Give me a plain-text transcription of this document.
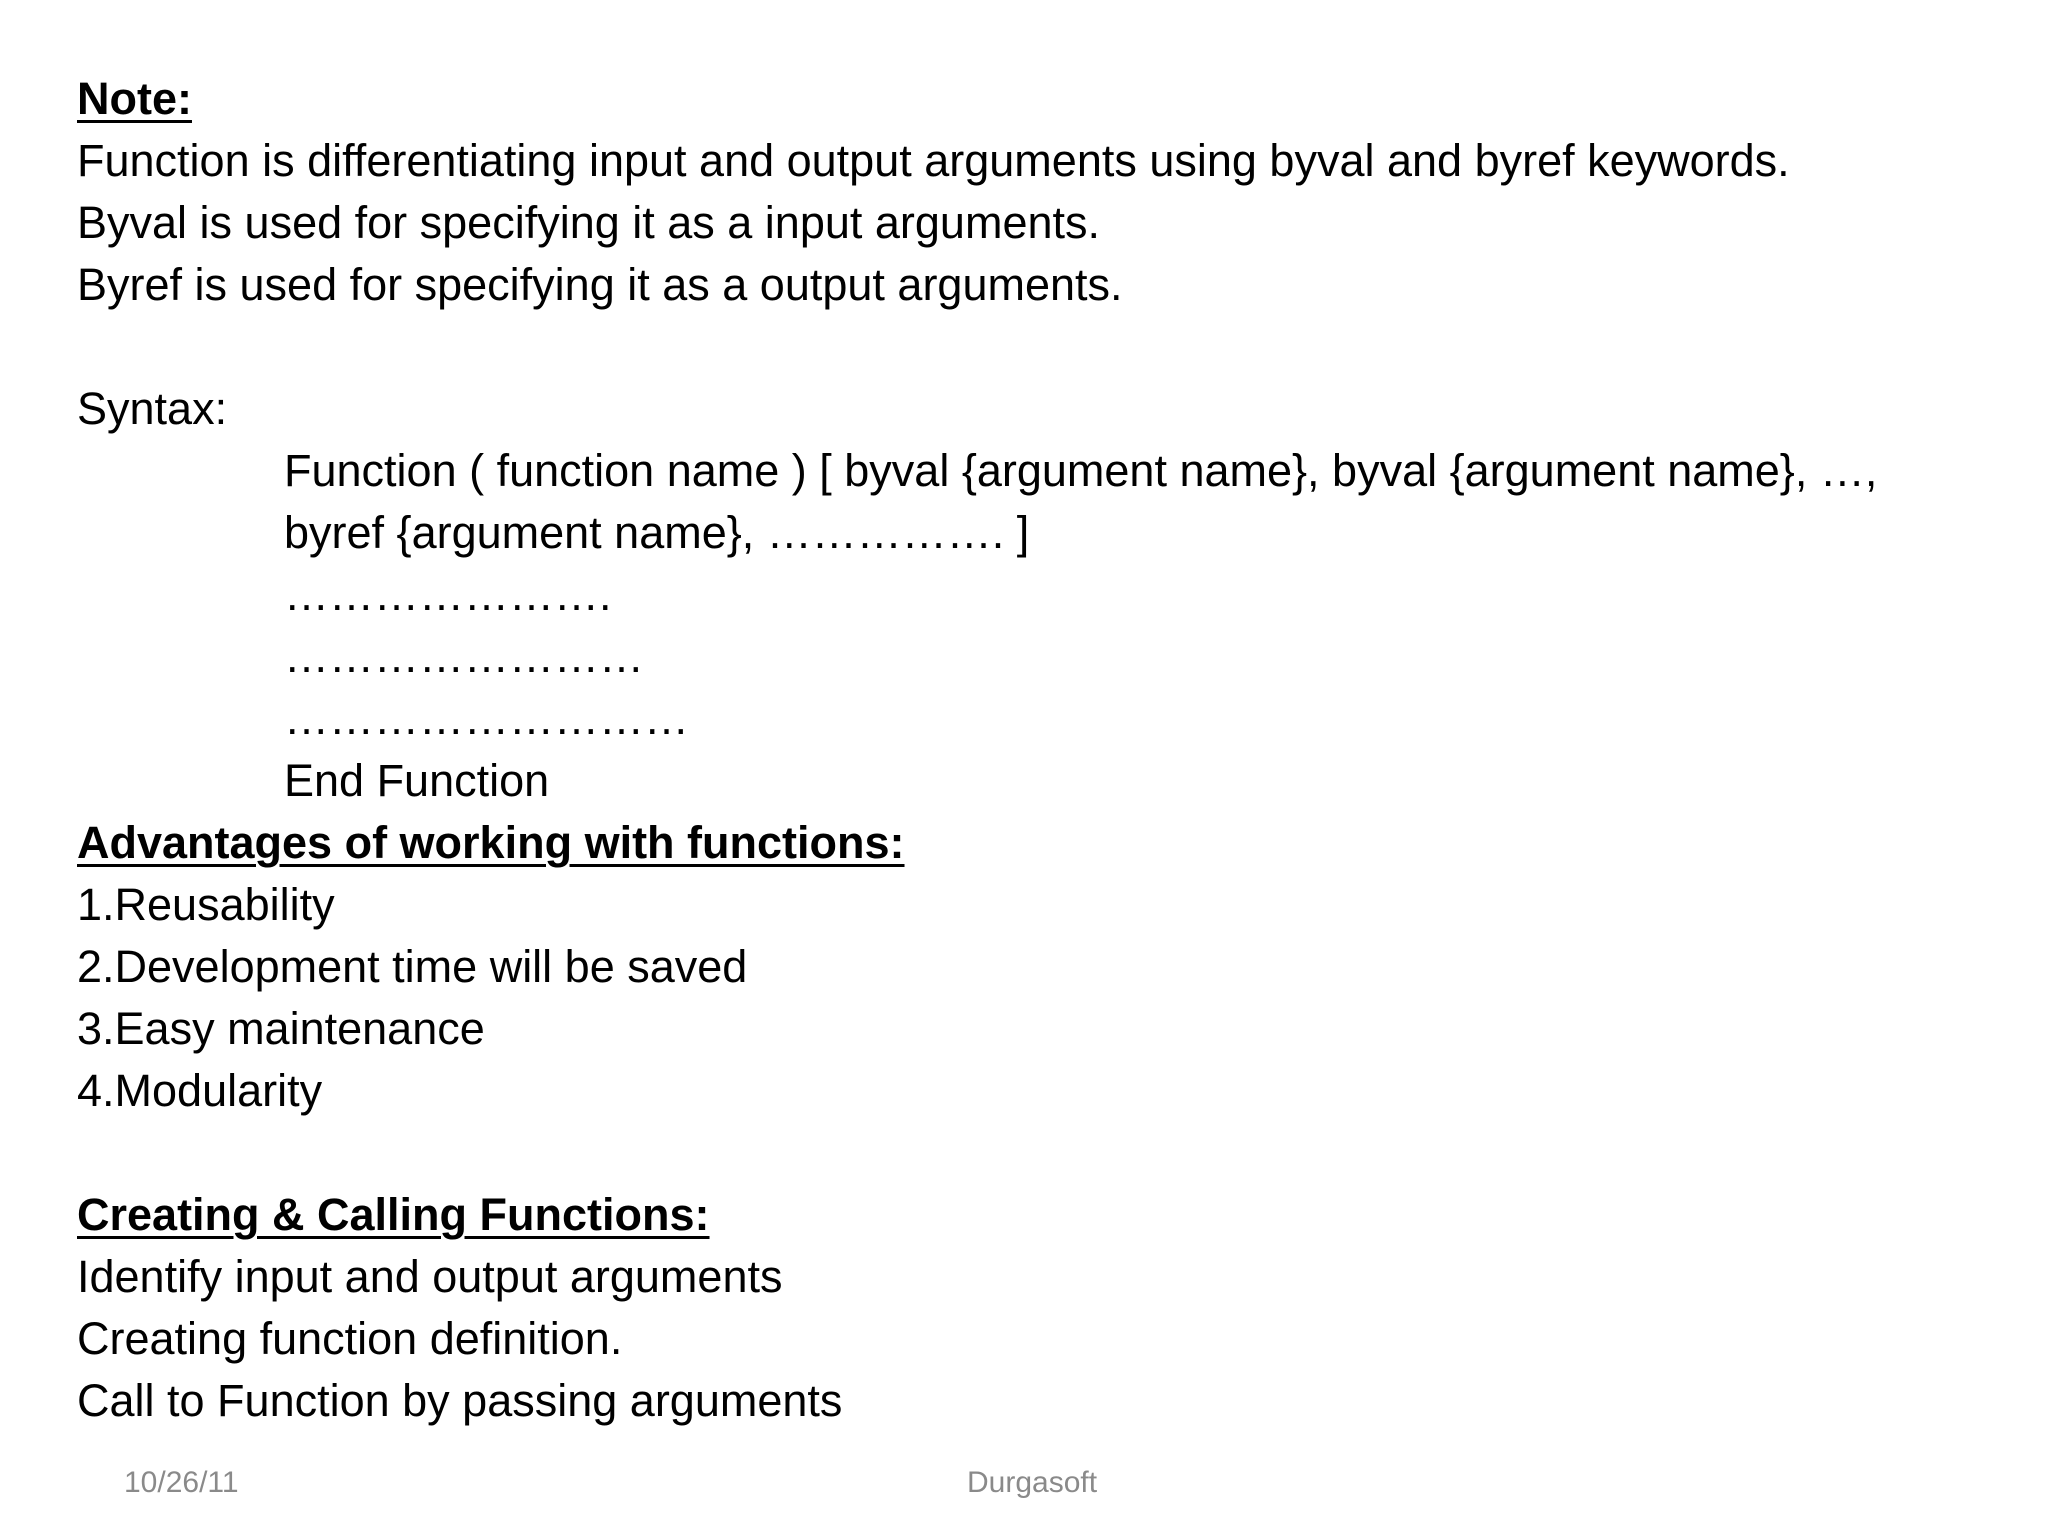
Note:
Function is differentiating input and output arguments using byval and byref keywords.
Byval is used for specifying it as a input arguments.
Byref is used for specifying it as a output arguments.
Syntax:
Function ( function name ) [ byval {argument name}, byval {argument name}, …,
byref {argument name}, ……………. ]
………………….
……………………
………………………
End Function
Advantages of working with functions:
1.Reusability
2.Development time will be saved
3.Easy maintenance
4.Modularity
Creating & Calling Functions:
Identify input and output arguments
Creating function definition.
Call to Function by passing arguments
10/26/11	Durgasoft
